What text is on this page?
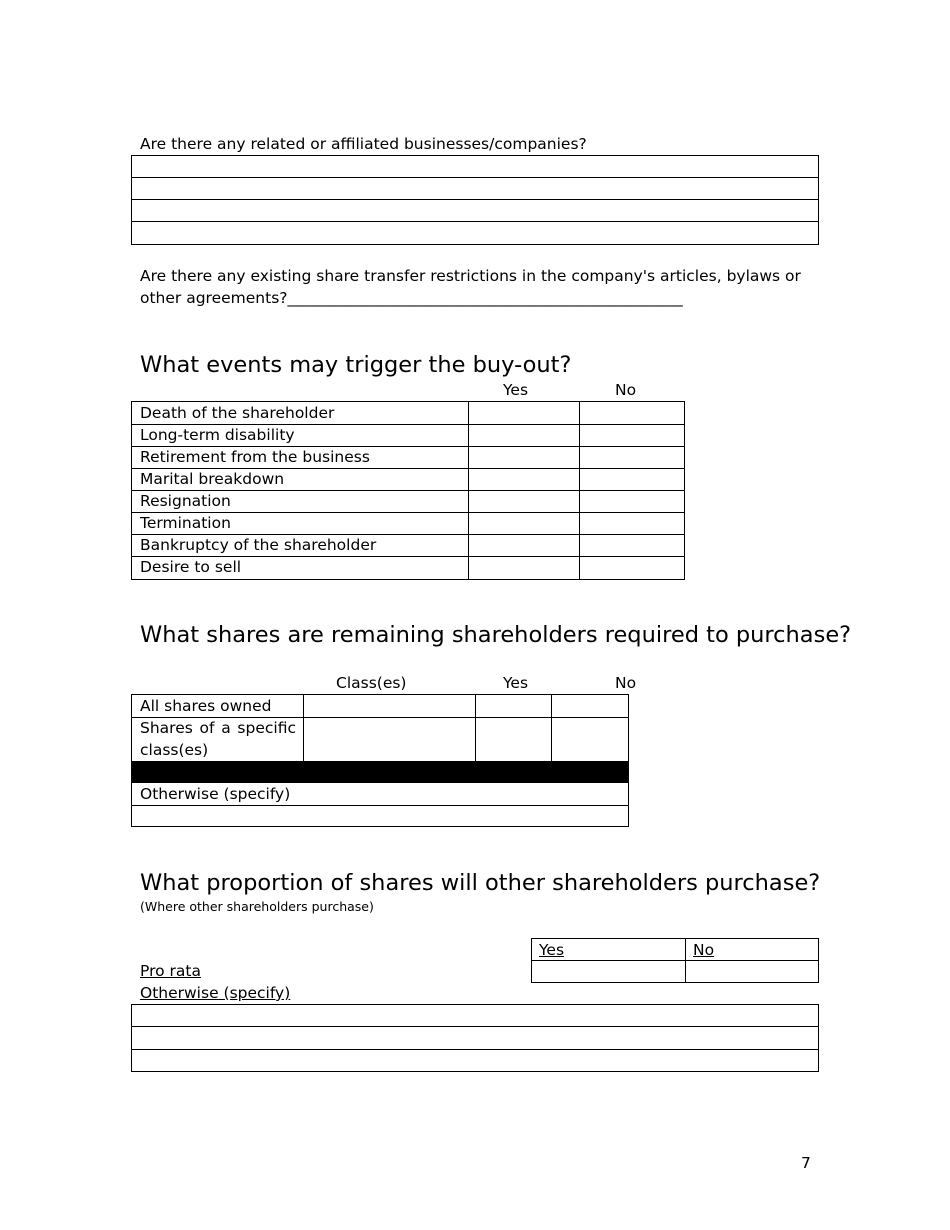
Are there any related or affiliated businesses/companies?
Are there any existing share transfer restrictions in the company's articles, bylaws or
other agreements?___________________________________________________
What events may trigger the buy-out?
Yes	No
Death of the shareholder
Long-term disability
Retirement from the business
Marital breakdown
Resignation
Termination
Bankruptcy of the shareholder
Desire to sell
What shares are remaining shareholders required to purchase?
Class(es)	Yes	No
All shares owned
Shares of a specific
class(es)
Otherwise (specify)
What proportion of shares will other shareholders purchase?
(Where other shareholders purchase)
Yes	No
Pro rata
Otherwise (specify)
7
